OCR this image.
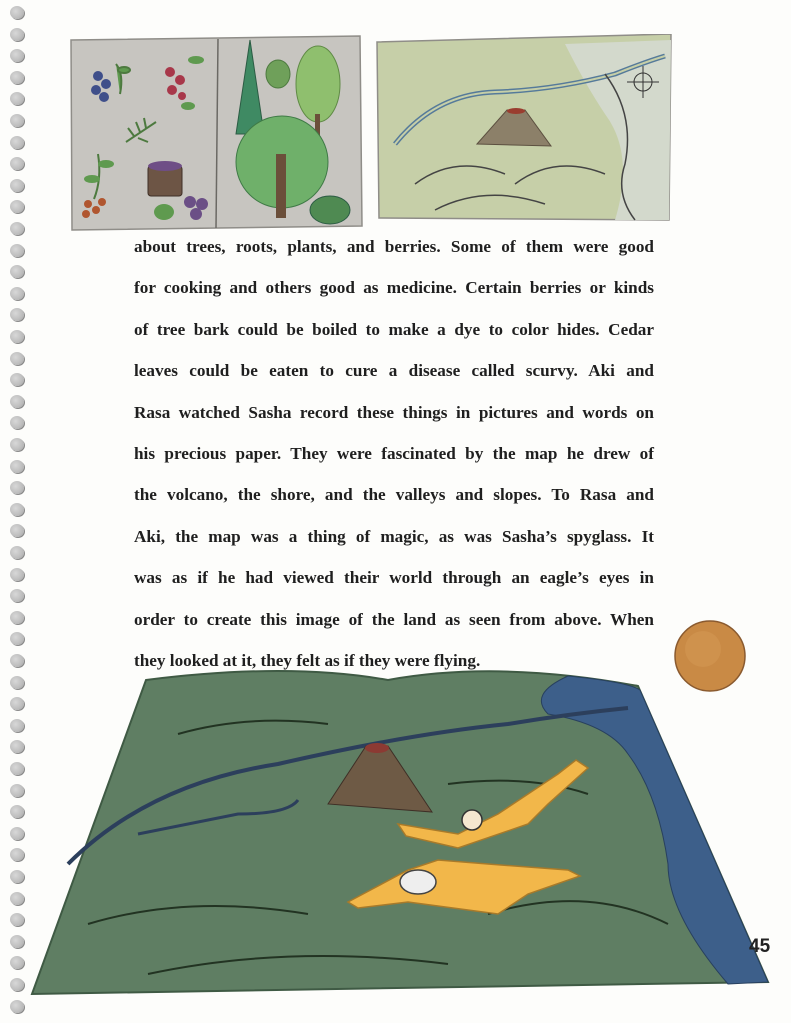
about trees, roots, plants, and berries. Some of them were good
for cooking and others good as medicine. Certain berries or kinds
of tree bark could be boiled to make a dye to color hides. Cedar
leaves could be eaten to cure a disease called scurvy. Aki and
Rasa watched Sasha record these things in pictures and words on
his precious paper. They were fascinated by the map he drew of
the volcano, the shore, and the valleys and slopes. To Rasa and
Aki, the map was a thing of magic, as was Sasha’s spyglass. It
was as if he had viewed their world through an eagle’s eyes in
order to create this image of the land as seen from above. When
they looked at it, they felt as if they were flying.
45
